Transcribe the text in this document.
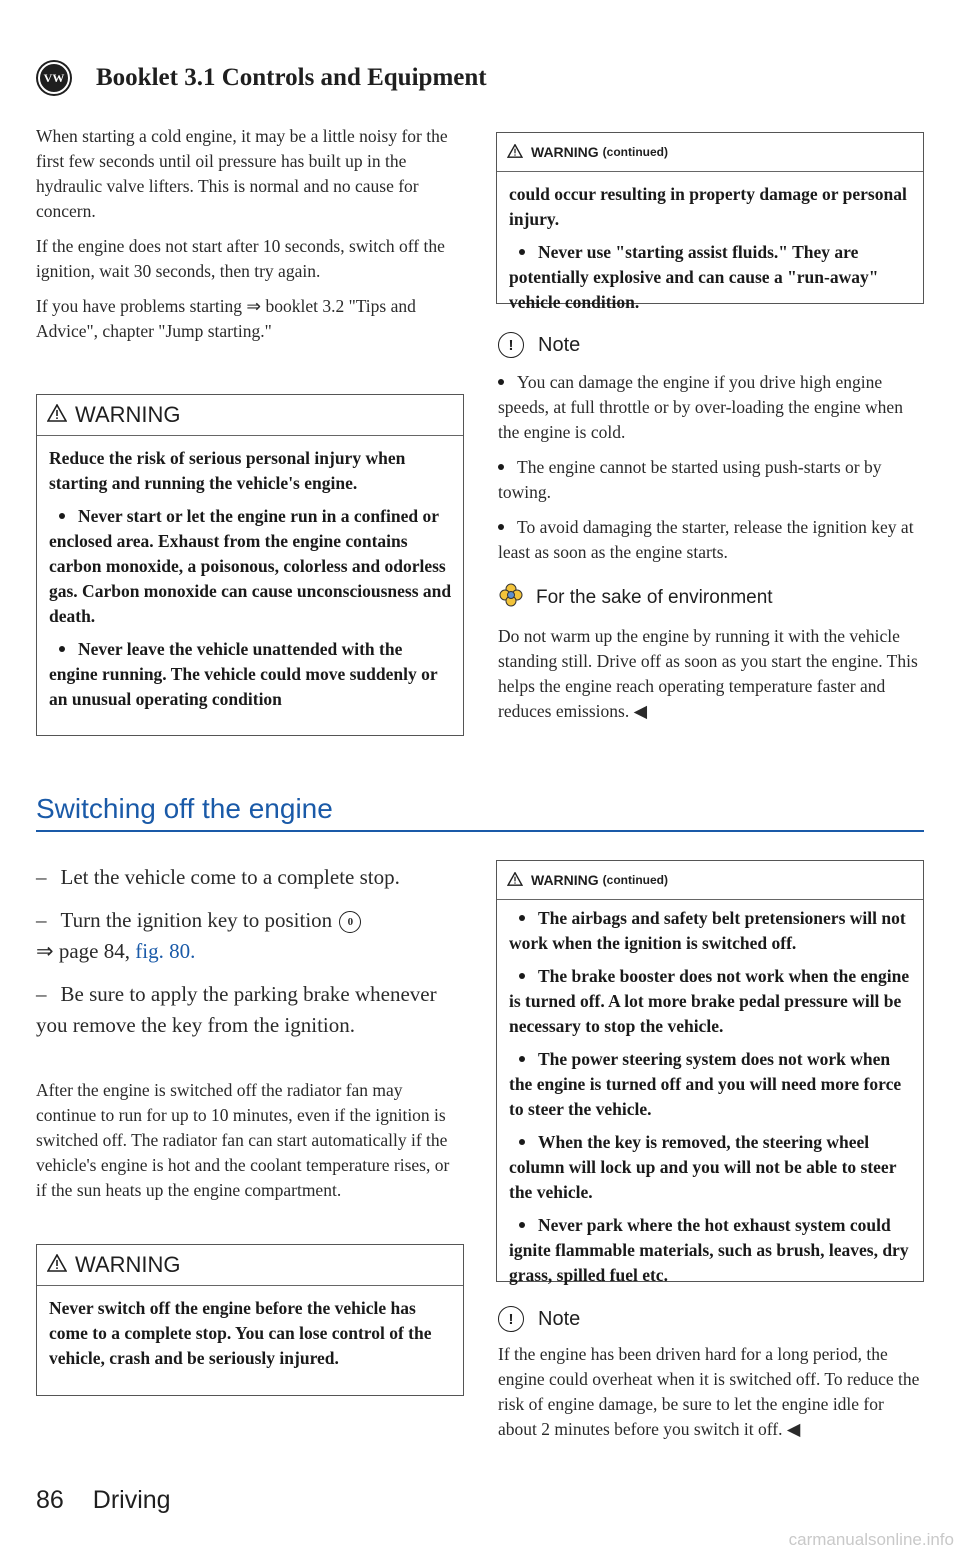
VW Booklet 3.1 Controls and Equipment

When starting a cold engine, it may be a little noisy for the first few seconds until oil pressure has built up in the hydraulic valve lifters. This is normal and no cause for concern.

If the engine does not start after 10 seconds, switch off the ignition, wait 30 seconds, then try again.

If you have problems starting ⇒ booklet 3.2 "Tips and Advice", chapter "Jump starting."

WARNING

Reduce the risk of serious personal injury when starting and running the vehicle's engine.

Never start or let the engine run in a confined or enclosed area. Exhaust from the engine contains carbon monoxide, a poisonous, colorless and odorless gas. Carbon monoxide can cause unconsciousness and death.

Never leave the vehicle unattended with the engine running. The vehicle could move suddenly or an unusual operating condition

WARNING (continued)

could occur resulting in property damage or personal injury.

Never use "starting assist fluids." They are potentially explosive and can cause a "run-away" vehicle condition.

!	Note

You can damage the engine if you drive high engine speeds, at full throttle or by over-loading the engine when the engine is cold.

The engine cannot be started using push-starts or by towing.

To avoid damaging the starter, release the ignition key at least as soon as the engine starts.

For the sake of environment

Do not warm up the engine by running it with the vehicle standing still. Drive off as soon as you start the engine. This helps the engine reach operating temperature faster and reduces emissions. ◀

Switching off the engine

– Let the vehicle come to a complete stop.

– Turn the ignition key to position 0
⇒ page 84, fig. 80.

– Be sure to apply the parking brake whenever you remove the key from the ignition.

After the engine is switched off the radiator fan may continue to run for up to 10 minutes, even if the ignition is switched off. The radiator fan can start automatically if the vehicle's engine is hot and the coolant temperature rises, or if the sun heats up the engine compartment.

WARNING

Never switch off the engine before the vehicle has come to a complete stop. You can lose control of the vehicle, crash and be seriously injured.

WARNING (continued)

The airbags and safety belt pretensioners will not work when the ignition is switched off.

The brake booster does not work when the engine is turned off. A lot more brake pedal pressure will be necessary to stop the vehicle.

The power steering system does not work when the engine is turned off and you will need more force to steer the vehicle.

When the key is removed, the steering wheel column will lock up and you will not be able to steer the vehicle.

Never park where the hot exhaust system could ignite flammable materials, such as brush, leaves, dry grass, spilled fuel etc.

!	Note

If the engine has been driven hard for a long period, the engine could overheat when it is switched off. To reduce the risk of engine damage, be sure to let the engine idle for about 2 minutes before you switch it off. ◀

86 Driving
carmanualsonline.info
